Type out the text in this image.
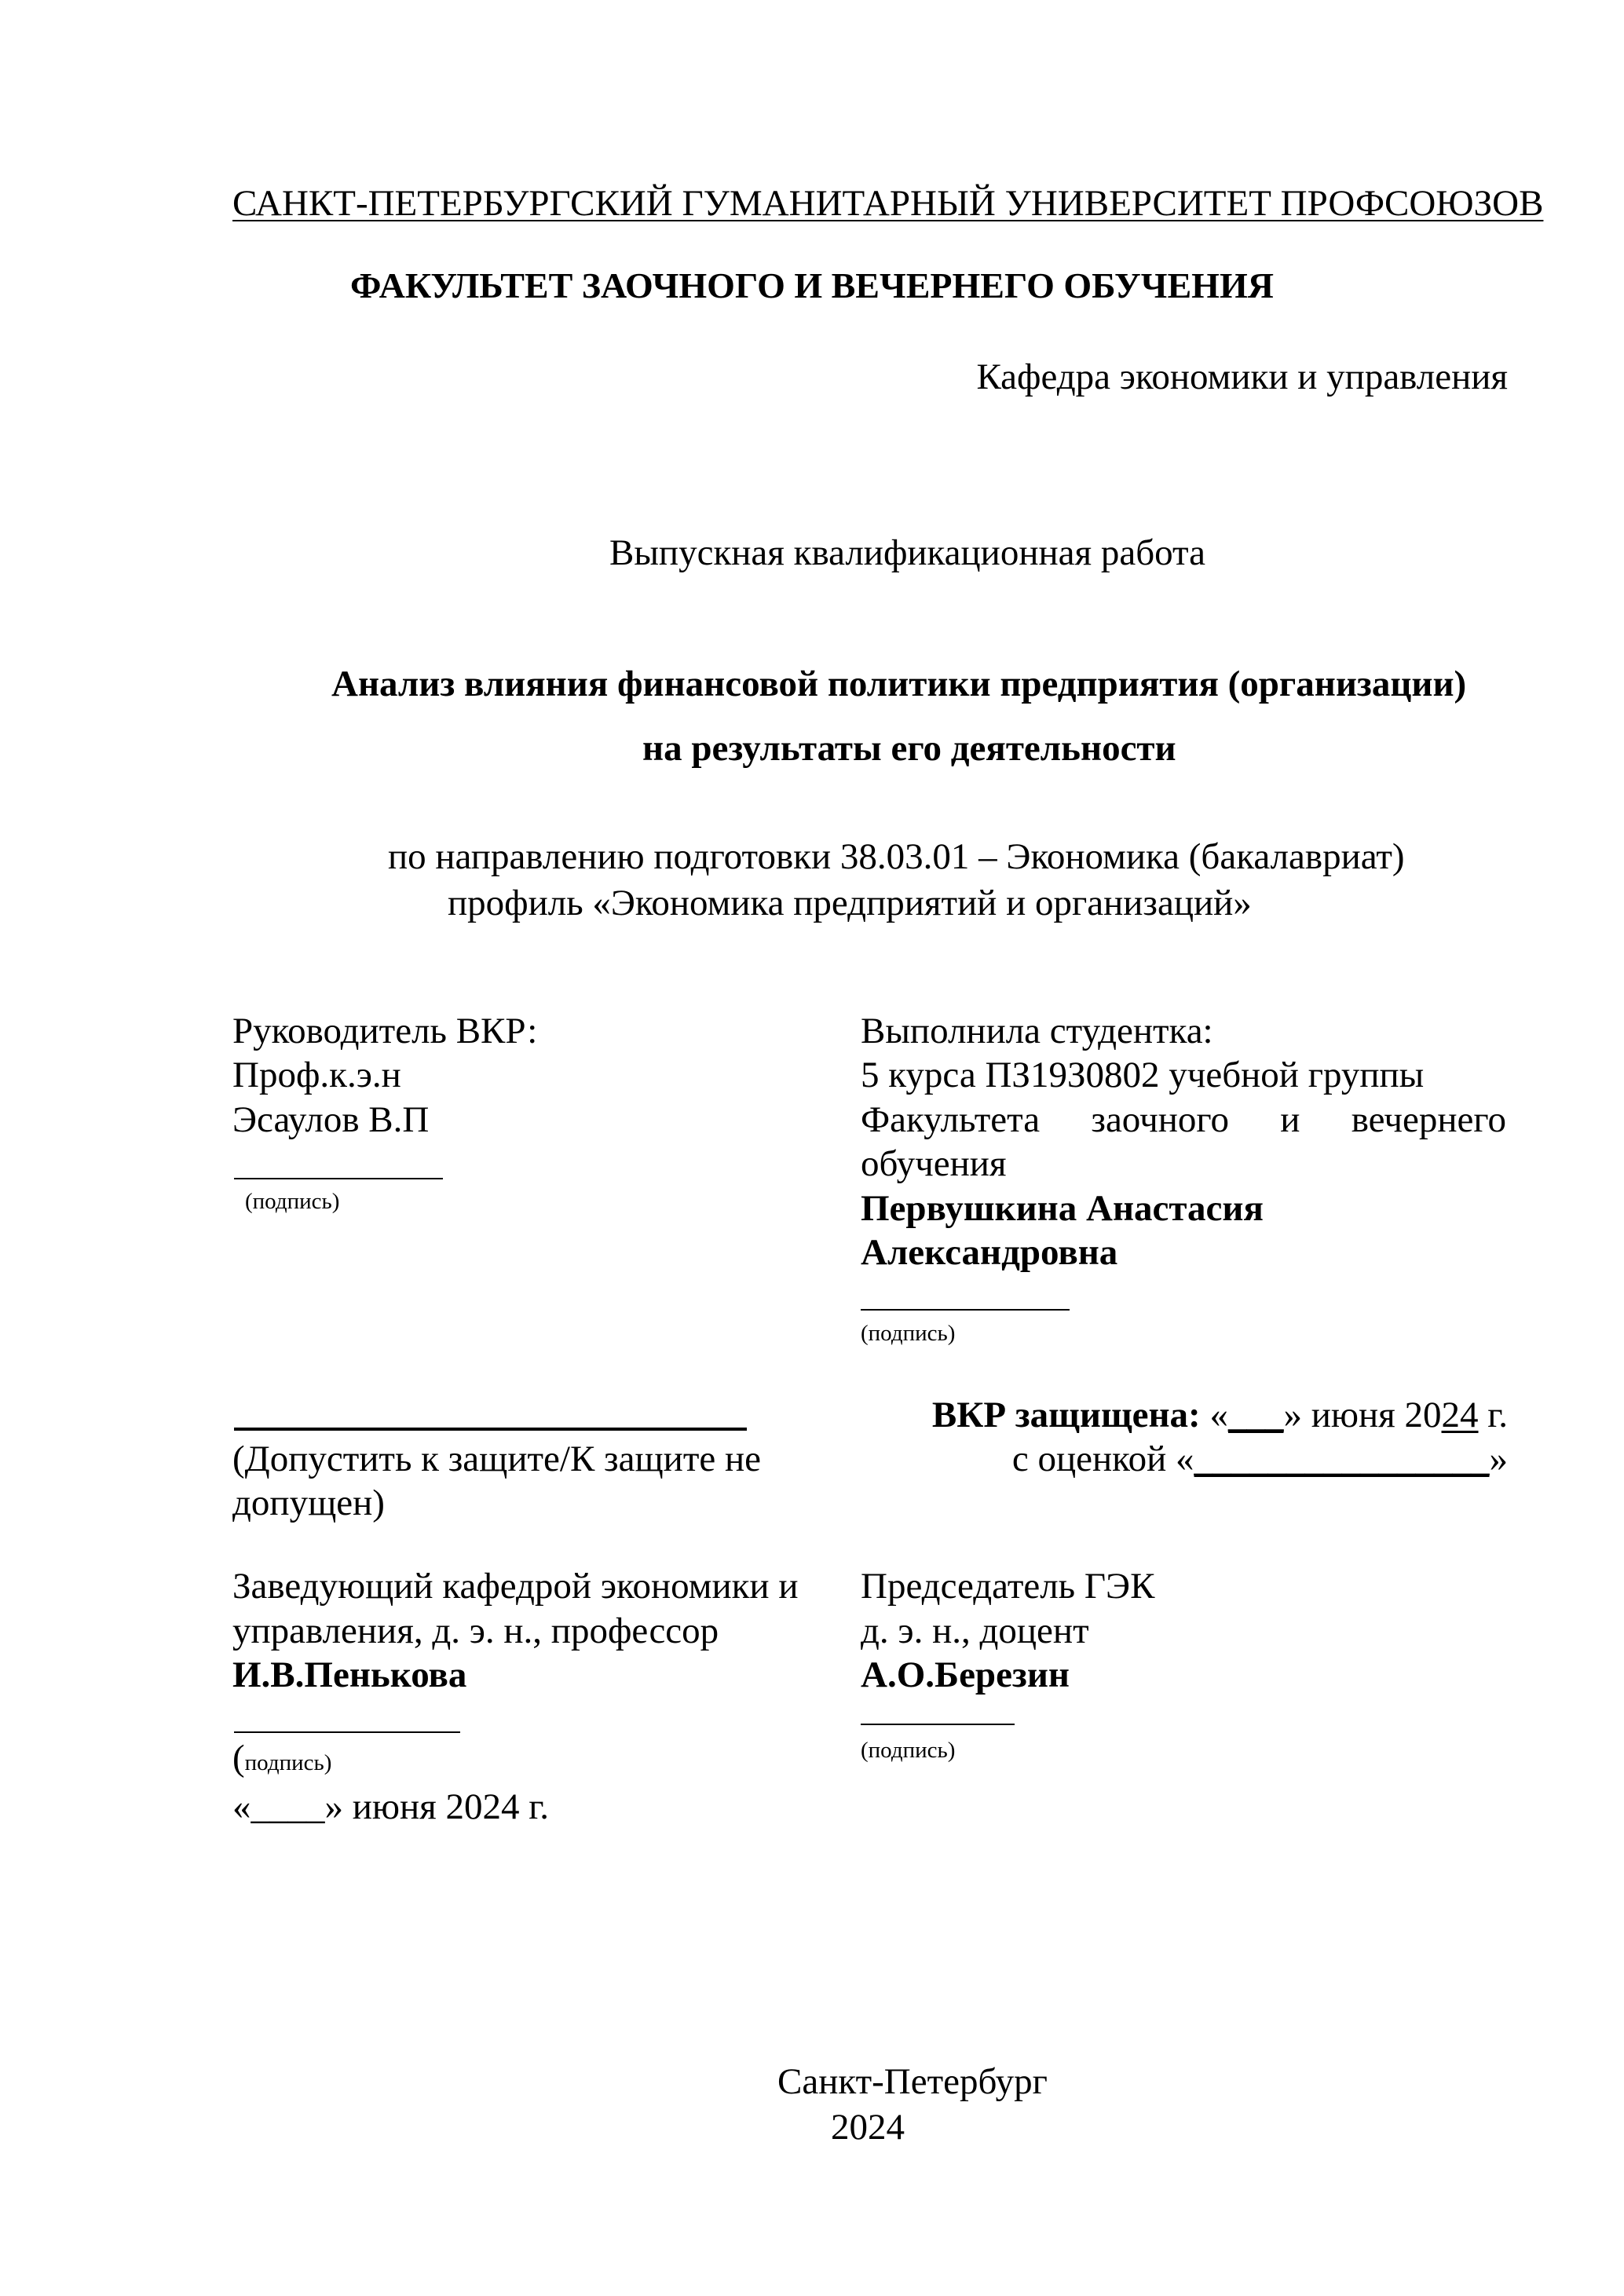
САНКТ-ПЕТЕРБУРГСКИЙ ГУМАНИТАРНЫЙ УНИВЕРСИТЕТ ПРОФСОЮЗОВ
ФАКУЛЬТЕТ ЗАОЧНОГО И ВЕЧЕРНЕГО ОБУЧЕНИЯ
Кафедра экономики и управления
Выпускная квалификационная работа
Анализ влияния финансовой политики предприятия (организации)
на результаты его деятельности
по направлению подготовки 38.03.01 – Экономика (бакалавриат)
профиль «Экономика предприятий и организаций»
Руководитель ВКР:
Проф.к.э.н
Эсаулов В.П
(подпись)
Выполнила студентка:
5 курса ПЗ19З0802 учебной группы
Факультета заочного и вечернего
обучения
Первушкина Анастасия
Александровна
(подпись)
(Допустить к защите/К защите не
допущен)
ВКР защищена: «___» июня 2024 г.
с оценкой «________________»
Заведующий кафедрой экономики и
управления, д. э. н., профессор
И.В.Пенькова
(подпись)
«____» июня 2024 г.
Председатель ГЭК
д. э. н., доцент
А.О.Березин
(подпись)
Санкт-Петербург
2024
